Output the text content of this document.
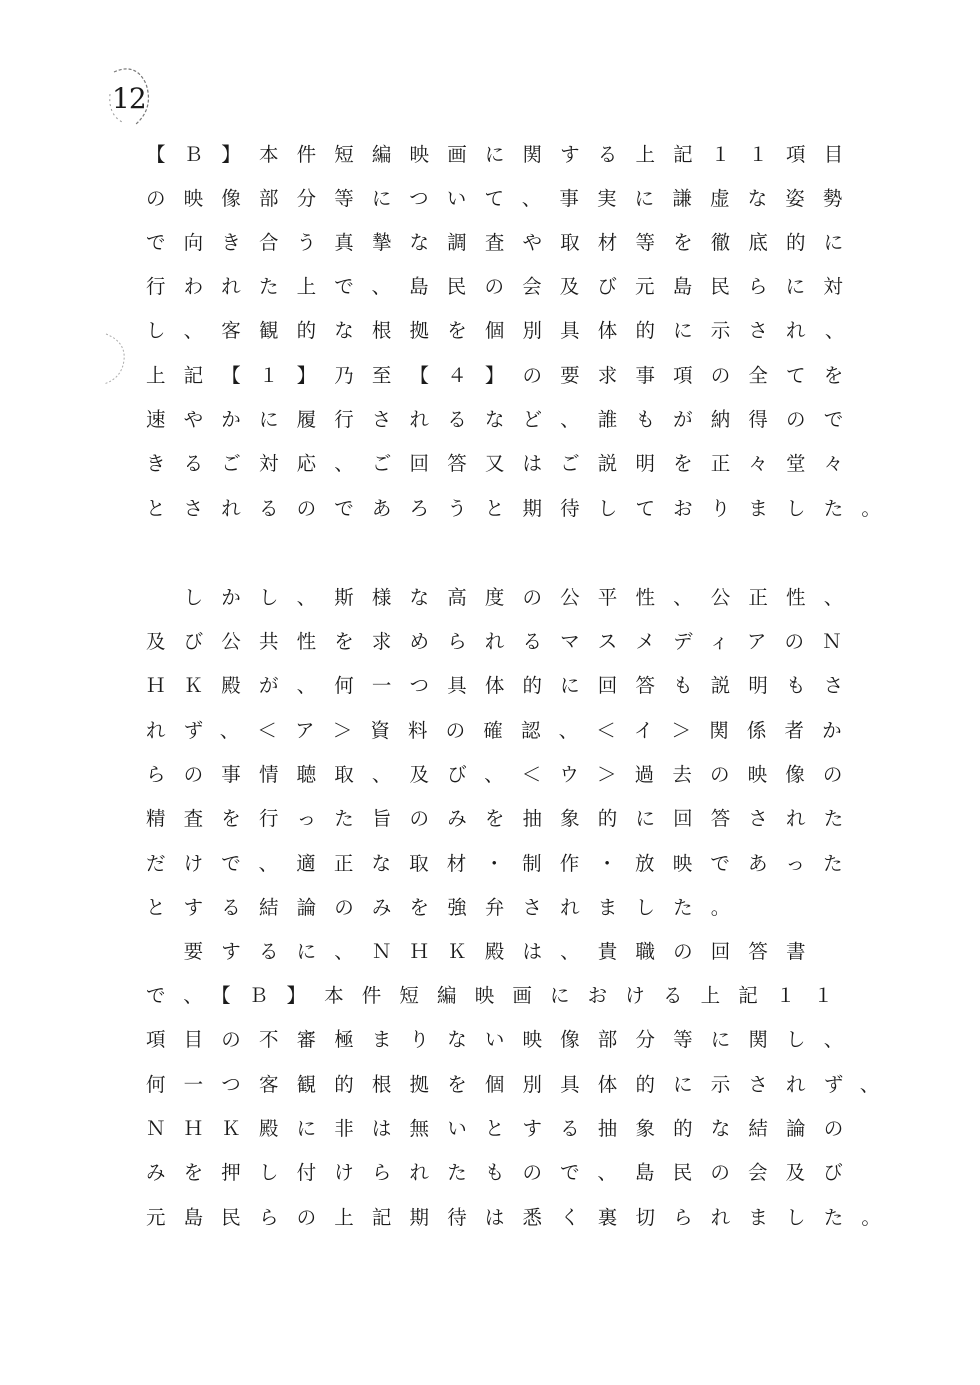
12
【Ｂ】本件短編映画に関する上記１１項目
の映像部分等について、事実に謙虚な姿勢
で向き合う真摯な調査や取材等を徹底的に
行われた上で、島民の会及び元島民らに対
し、客観的な根拠を個別具体的に示され、
上記【１】乃至【４】の要求事項の全てを
速やかに履行されるなど、誰もが納得ので
きるご対応、ご回答又はご説明を正々堂々
とされるのであろうと期待しておりました。
　しかし、斯様な高度の公平性、公正性、
及び公共性を求められるマスメディアのＮ
ＨＫ殿が、何一つ具体的に回答も説明もさ
れず、＜ア＞資料の確認、＜イ＞関係者か
らの事情聴取、及び、＜ウ＞過去の映像の
精査を行った旨のみを抽象的に回答された
だけで、適正な取材・制作・放映であった
とする結論のみを強弁されました。
　要するに、ＮＨＫ殿は、貴職の回答書
で、【Ｂ】本件短編映画における上記１１
項目の不審極まりない映像部分等に関し、
何一つ客観的根拠を個別具体的に示されず、
ＮＨＫ殿に非は無いとする抽象的な結論の
みを押し付けられたもので、島民の会及び
元島民らの上記期待は悉く裏切られました。
